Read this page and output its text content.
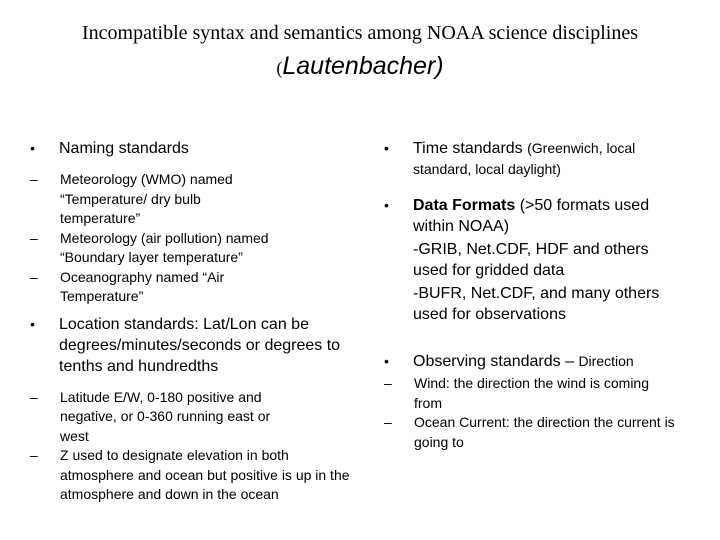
Incompatible syntax and semantics among NOAA science disciplines
(Lautenbacher)
•	Naming standards
–	Meteorology (WMO) named “Temperature/ dry bulb temperature”
–	Meteorology (air pollution) named “Boundary layer temperature”
–	Oceanography named “Air Temperature”
•	Location standards: Lat/Lon can be degrees/minutes/seconds or degrees to tenths and hundredths
–	Latitude E/W, 0-180 positive and negative, or 0-360 running east or west
–	Z used to designate elevation in both atmosphere and ocean but positive is up in the atmosphere and down in the ocean
•	Time standards (Greenwich, local standard, local daylight)
•	Data Formats (>50 formats used within NOAA)
-GRIB, Net.CDF, HDF and others used for gridded data
-BUFR, Net.CDF, and many others used for observations
•	Observing standards – Direction
–	Wind: the direction the wind is coming from
–	Ocean Current: the direction the current is going to
